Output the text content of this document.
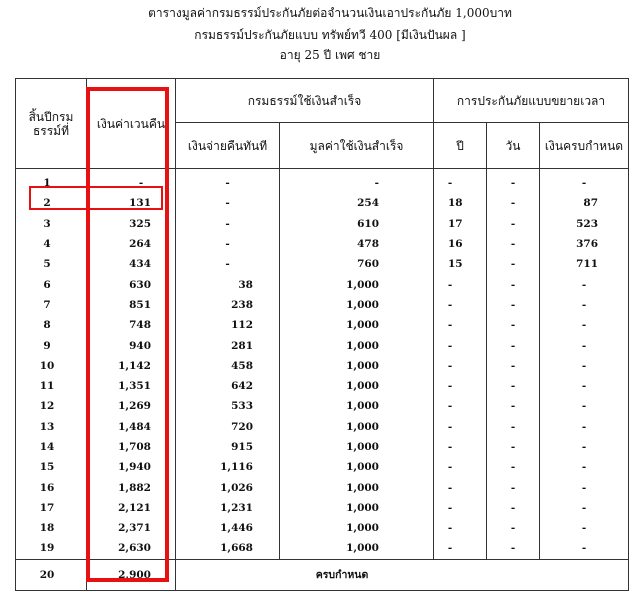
ตารางมูลค่ากรมธรรม์ประกันภัยต่อจำนวนเงินเอาประกันภัย 1,000บาท
กรมธรรม์ประกันภัยแบบ ทรัพย์ทวี 400 [มีเงินปันผล ]
อายุ 25 ปี เพศ ชาย
สิ้นปีกรมธรรม์ที่	เงินค่าเวนคืน	กรมธรรม์ใช้เงินสำเร็จ		การประกันภัยแบบขยายเวลา		
		เงินจ่ายคืนทันที	มูลค่าใช้เงินสำเร็จ	ปี	วัน	เงินครบกำหนด
1	-	-	-	-	-	-
2	131	-	254	18	-	87
3	325	-	610	17	-	523
4	264	-	478	16	-	376
5	434	-	760	15	-	711
6	630	38	1,000	-	-	-
7	851	238	1,000	-	-	-
8	748	112	1,000	-	-	-
9	940	281	1,000	-	-	-
10	1,142	458	1,000	-	-	-
11	1,351	642	1,000	-	-	-
12	1,269	533	1,000	-	-	-
13	1,484	720	1,000	-	-	-
14	1,708	915	1,000	-	-	-
15	1,940	1,116	1,000	-	-	-
16	1,882	1,026	1,000	-	-	-
17	2,121	1,231	1,000	-	-	-
18	2,371	1,446	1,000	-	-	-
19	2,630	1,668	1,000	-	-	-
20	2,900	ครบกำหนด				
